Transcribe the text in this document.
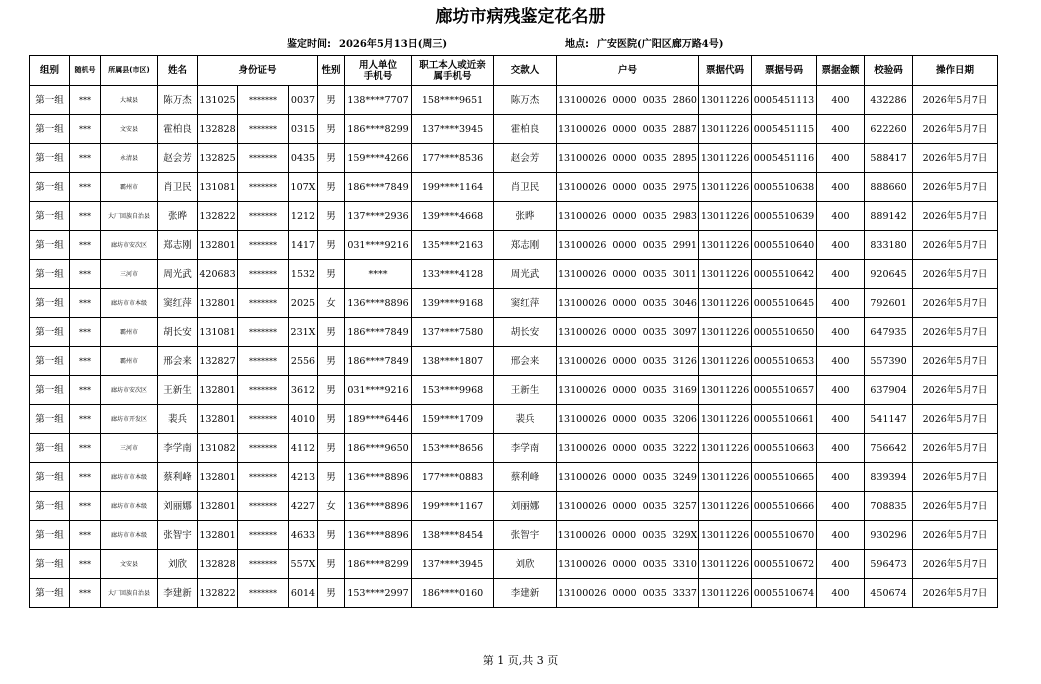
廊坊市病残鉴定花名册
鉴定时间: 2026年5月13日(周三)	地点: 广安医院(广阳区廊万路4号)
组别	随机号	所属县(市区)	姓名	身份证号			性别	用人单位
手机号	职工本人或近亲
属手机号	交款人	户号	票据代码	票据号码	票据金额	校验码	操作日期
第一组	***	大城县	陈万杰	131025	*******	0037	男	138****7707	158****9651	陈万杰	13100026 0000 0035 2860	13011226	0005451113	400	432286	2026年5月7日
第一组	***	文安县	霍柏良	132828	*******	0315	男	186****8299	137****3945	霍柏良	13100026 0000 0035 2887	13011226	0005451115	400	622260	2026年5月7日
第一组	***	永清县	赵会芳	132825	*******	0435	男	159****4266	177****8536	赵会芳	13100026 0000 0035 2895	13011226	0005451116	400	588417	2026年5月7日
第一组	***	霸州市	肖卫民	131081	*******	107X	男	186****7849	199****1164	肖卫民	13100026 0000 0035 2975	13011226	0005510638	400	888660	2026年5月7日
第一组	***	大厂回族自治县	张晔	132822	*******	1212	男	137****2936	139****4668	张晔	13100026 0000 0035 2983	13011226	0005510639	400	889142	2026年5月7日
第一组	***	廊坊市安次区	郑志刚	132801	*******	1417	男	031****9216	135****2163	郑志刚	13100026 0000 0035 2991	13011226	0005510640	400	833180	2026年5月7日
第一组	***	三河市	周光武	420683	*******	1532	男	****	133****4128	周光武	13100026 0000 0035 3011	13011226	0005510642	400	920645	2026年5月7日
第一组	***	廊坊市市本级	窦红萍	132801	*******	2025	女	136****8896	139****9168	窦红萍	13100026 0000 0035 3046	13011226	0005510645	400	792601	2026年5月7日
第一组	***	霸州市	胡长安	131081	*******	231X	男	186****7849	137****7580	胡长安	13100026 0000 0035 3097	13011226	0005510650	400	647935	2026年5月7日
第一组	***	霸州市	邢会来	132827	*******	2556	男	186****7849	138****1807	邢会来	13100026 0000 0035 3126	13011226	0005510653	400	557390	2026年5月7日
第一组	***	廊坊市安次区	王新生	132801	*******	3612	男	031****9216	153****9968	王新生	13100026 0000 0035 3169	13011226	0005510657	400	637904	2026年5月7日
第一组	***	廊坊市开发区	裴兵	132801	*******	4010	男	189****6446	159****1709	裴兵	13100026 0000 0035 3206	13011226	0005510661	400	541147	2026年5月7日
第一组	***	三河市	李学南	131082	*******	4112	男	186****9650	153****8656	李学南	13100026 0000 0035 3222	13011226	0005510663	400	756642	2026年5月7日
第一组	***	廊坊市市本级	蔡利峰	132801	*******	4213	男	136****8896	177****0883	蔡利峰	13100026 0000 0035 3249	13011226	0005510665	400	839394	2026年5月7日
第一组	***	廊坊市市本级	刘丽娜	132801	*******	4227	女	136****8896	199****1167	刘丽娜	13100026 0000 0035 3257	13011226	0005510666	400	708835	2026年5月7日
第一组	***	廊坊市市本级	张智宇	132801	*******	4633	男	136****8896	138****8454	张智宇	13100026 0000 0035 329X	13011226	0005510670	400	930296	2026年5月7日
第一组	***	文安县	刘欣	132828	*******	557X	男	186****8299	137****3945	刘欣	13100026 0000 0035 3310	13011226	0005510672	400	596473	2026年5月7日
第一组	***	大厂回族自治县	李建新	132822	*******	6014	男	153****2997	186****0160	李建新	13100026 0000 0035 3337	13011226	0005510674	400	450674	2026年5月7日
第 1 页,共 3 页
